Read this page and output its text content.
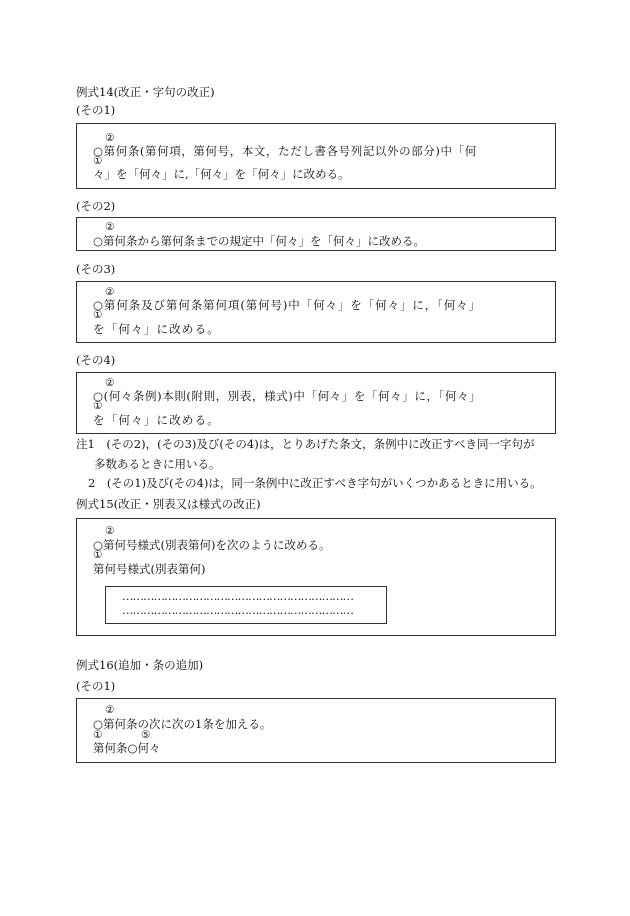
例式14(改正・字句の改正)
(その1)
②
○第何条(第何項，第何号，本文，ただし書各号列記以外の部分)中「何
①
々」を「何々」に,「何々」を「何々」に改める。
(その2)
②
○第何条から第何条までの規定中「何々」を「何々」に改める。
(その3)
②
○第何条及び第何条第何項(第何号)中「何々」を「何々」に，「何々」
①
を「何々」に改める。
(その4)
②
○(何々条例)本則(附則，別表，様式)中「何々」を「何々」に，「何々」
①
を「何々」に改める。
注1　(その2)，(その3)及び(その4)は，とりあげた条文，条例中に改正すべき同一字句が
多数あるときに用いる。
2　(その1)及び(その4)は，同一条例中に改正すべき字句がいくつかあるときに用いる。
例式15(改正・別表又は様式の改正)
②
○第何号様式(別表第何)を次のように改める。
①
第何号様式(別表第何)
…………………………………………………………
…………………………………………………………
例式16(追加・条の追加)
(その1)
②
○第何条の次に次の1条を加える。
①	⑤
第何条○何々
